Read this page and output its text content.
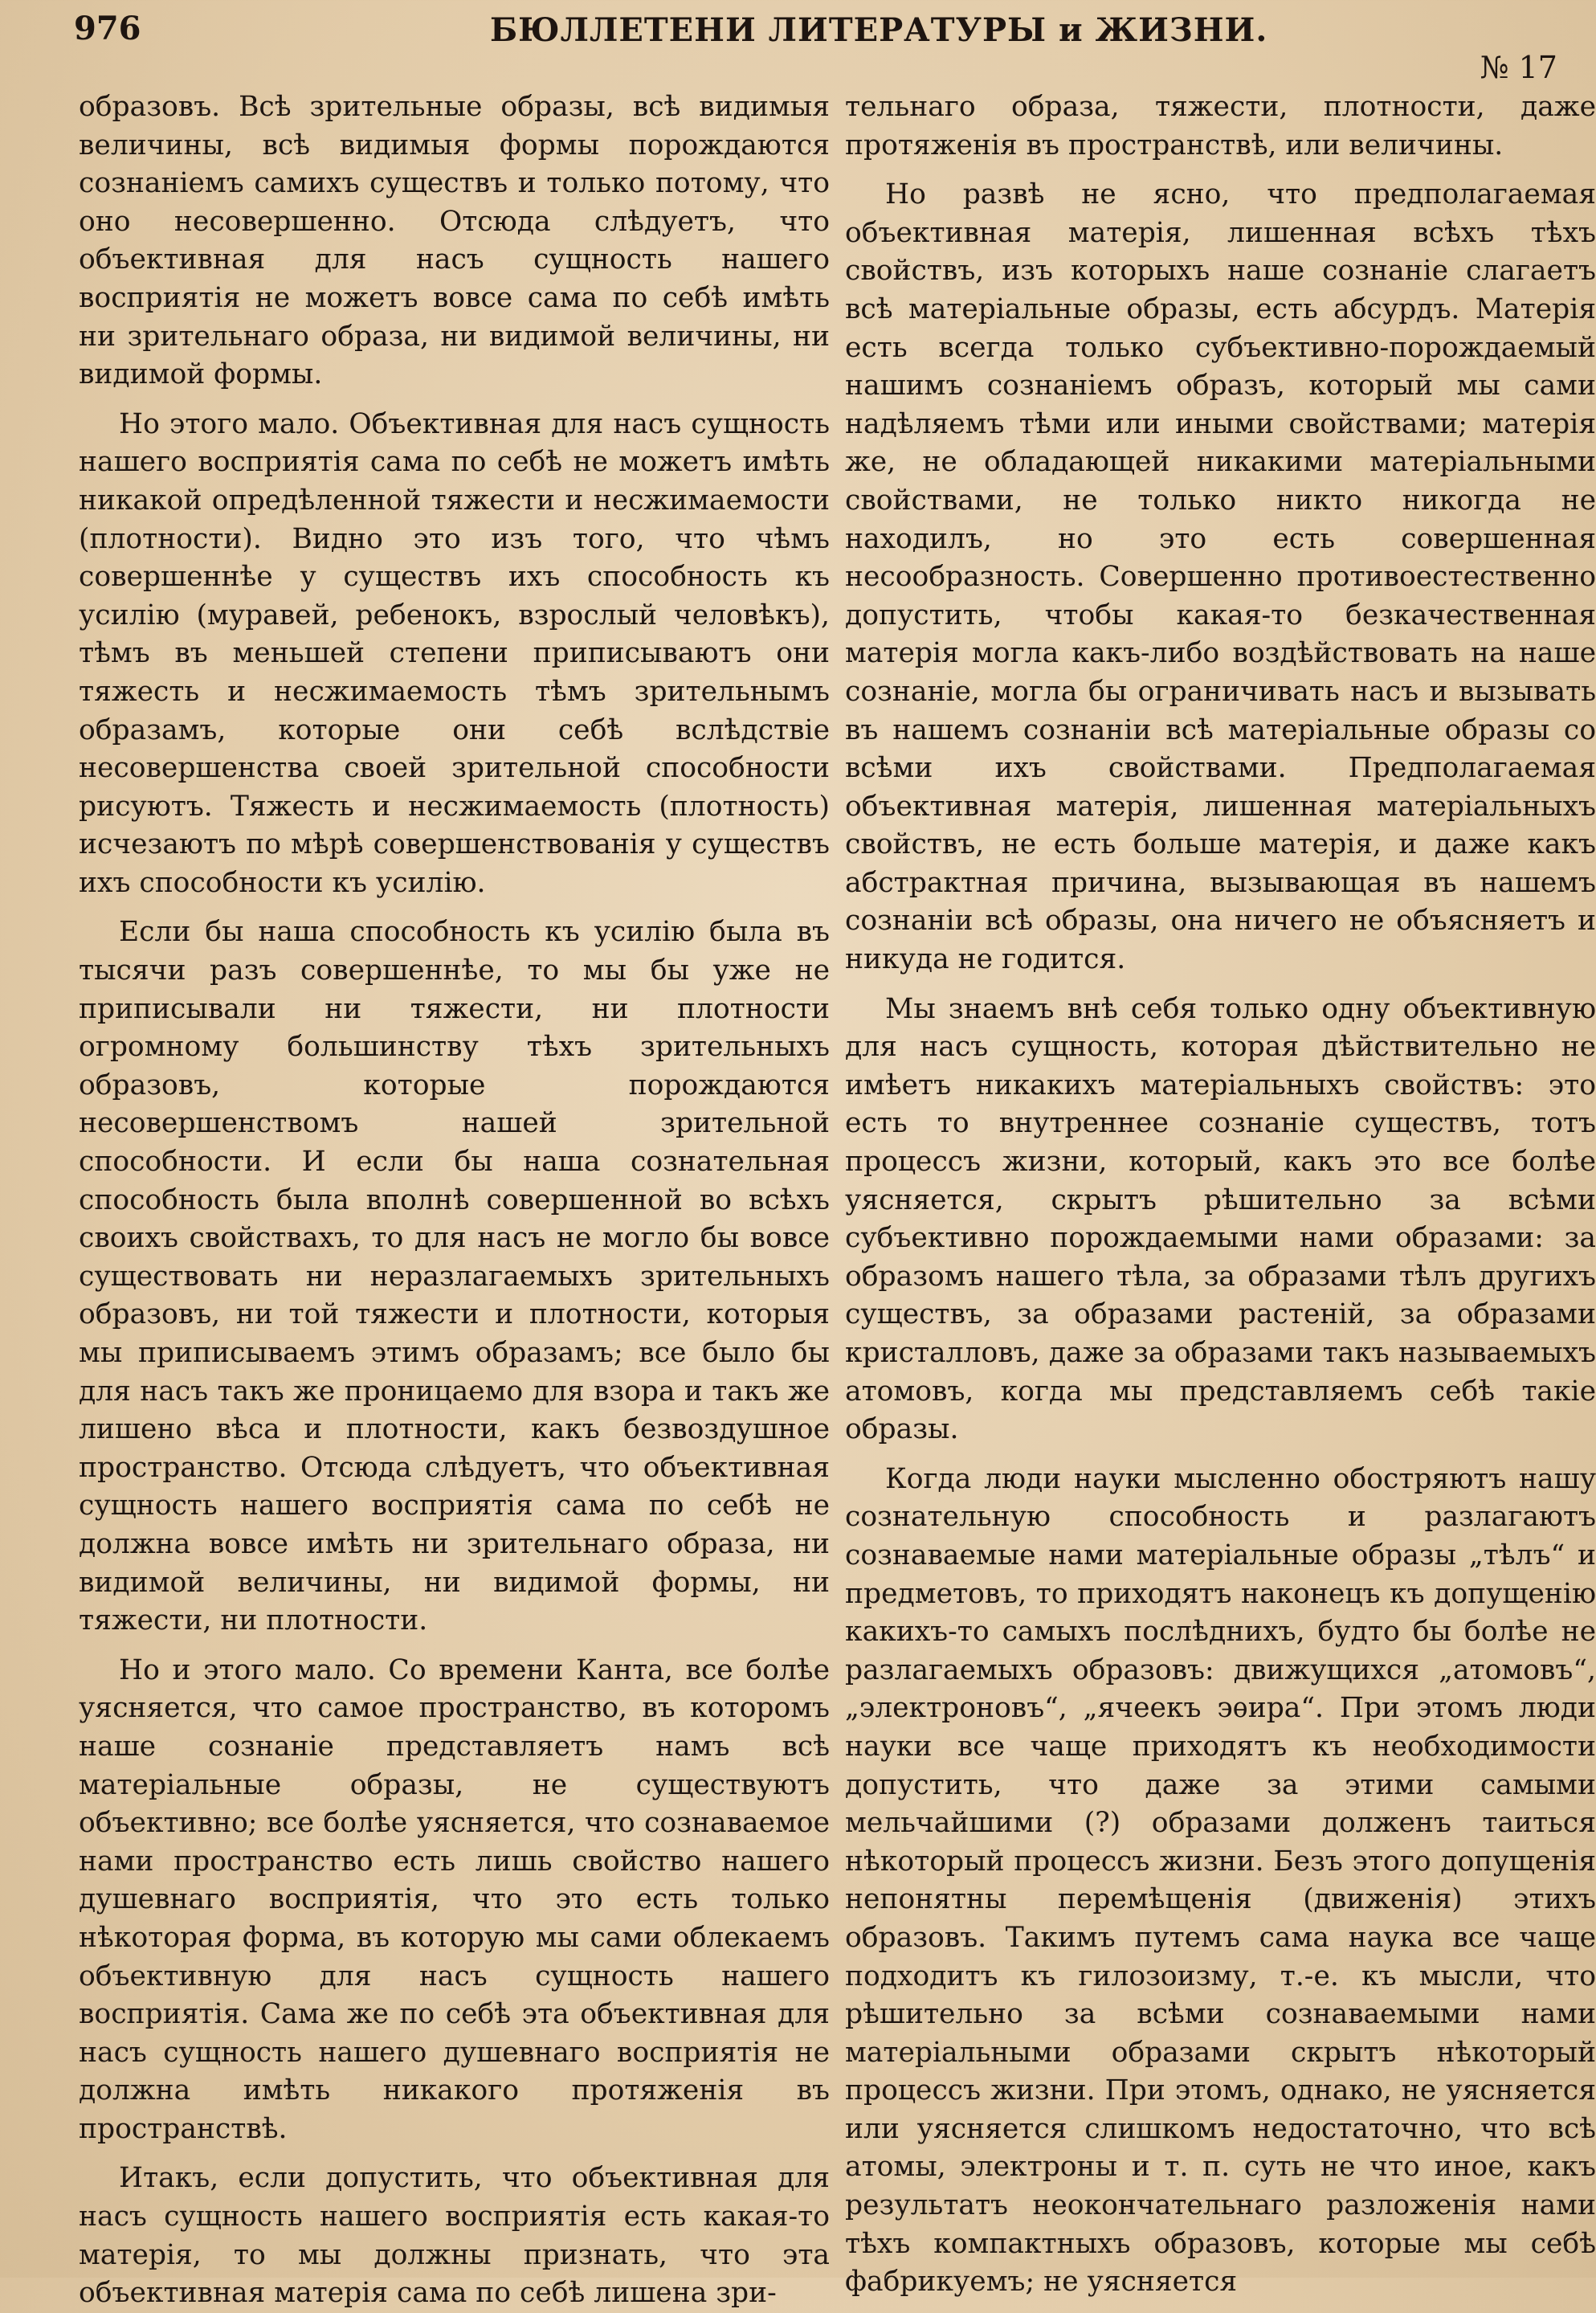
976	БЮЛЛЕТЕНИ ЛИТЕРАТУРЫ и ЖИЗНИ.
№ 17

образовъ. Всѣ зрительные образы, всѣ видимыя величины, всѣ видимыя формы порождаются сознаніемъ самихъ существъ и только потому, что оно несовершенно. Отсюда слѣдуетъ, что объективная для насъ сущность нашего восприятія не можетъ вовсе сама по себѣ имѣть ни зрительнаго образа, ни видимой величины, ни видимой формы.

Но этого мало. Объективная для насъ сущность нашего восприятія сама по себѣ не можетъ имѣть никакой опредѣленной тяжести и несжимаемости (плотности). Видно это изъ того, что чѣмъ совершеннѣе у существъ ихъ способность къ усилію (муравей, ребенокъ, взрослый человѣкъ), тѣмъ въ меньшей степени приписываютъ они тяжесть и несжимаемость тѣмъ зрительнымъ образамъ, которые они себѣ вслѣдствіе несовершенства своей зрительной способности рисуютъ. Тяжесть и несжимаемость (плотность) исчезаютъ по мѣрѣ совершенствованія у существъ ихъ способности къ усилію.

Если бы наша способность къ усилію была въ тысячи разъ совершеннѣе, то мы бы уже не приписывали ни тяжести, ни плотности огромному большинству тѣхъ зрительныхъ образовъ, которые порождаются несовершенствомъ нашей зрительной способности. И если бы наша сознательная способность была вполнѣ совершенной во всѣхъ своихъ свойствахъ, то для насъ не могло бы вовсе существовать ни неразлагаемыхъ зрительныхъ образовъ, ни той тяжести и плотности, которыя мы приписываемъ этимъ образамъ; все было бы для насъ такъ же проницаемо для взора и такъ же лишено вѣса и плотности, какъ безвоздушное пространство. Отсюда слѣдуетъ, что объективная сущность нашего восприятія сама по себѣ не должна вовсе имѣть ни зрительнаго образа, ни видимой величины, ни видимой формы, ни тяжести, ни плотности.

Но и этого мало. Со времени Канта, все болѣе уясняется, что самое пространство, въ которомъ наше сознаніе представляетъ намъ всѣ матеріальные образы, не существуютъ объективно; все болѣе уясняется, что сознаваемое нами пространство есть лишь свойство нашего душевнаго восприятія, что это есть только нѣкоторая форма, въ которую мы сами облекаемъ объективную для насъ сущность нашего восприятія. Сама же по себѣ эта объективная для насъ сущность нашего душевнаго восприятія не должна имѣть никакого протяженія въ пространствѣ.

Итакъ, если допустить, что объективная для насъ сущность нашего восприятія есть какая-то матерія, то мы должны признать, что эта объективная матерія сама по себѣ лишена зри-

тельнаго образа, тяжести, плотности, даже протяженія въ пространствѣ, или величины.

Но развѣ не ясно, что предполагаемая объективная матерія, лишенная всѣхъ тѣхъ свойствъ, изъ которыхъ наше сознаніе слагаетъ всѣ матеріальные образы, есть абсурдъ. Матерія есть всегда только субъективно-порождаемый нашимъ сознаніемъ образъ, который мы сами надѣляемъ тѣми или иными свойствами; матерія же, не обладающей никакими матеріальными свойствами, не только никто никогда не находилъ, но это есть совершенная несообразность. Совершенно противоестественно допустить, чтобы какая-то безкачественная матерія могла какъ-либо воздѣйствовать на наше сознаніе, могла бы ограничивать насъ и вызывать въ нашемъ сознаніи всѣ матеріальные образы со всѣми ихъ свойствами. Предполагаемая объективная матерія, лишенная матеріальныхъ свойствъ, не есть больше матерія, и даже какъ абстрактная причина, вызывающая въ нашемъ сознаніи всѣ образы, она ничего не объясняетъ и никуда не годится.

Мы знаемъ внѣ себя только одну объективную для насъ сущность, которая дѣйствительно не имѣетъ никакихъ матеріальныхъ свойствъ: это есть то внутреннее сознаніе существъ, тотъ процессъ жизни, который, какъ это все болѣе уясняется, скрытъ рѣшительно за всѣми субъективно порождаемыми нами образами: за образомъ нашего тѣла, за образами тѣлъ другихъ существъ, за образами растеній, за образами кристалловъ, даже за образами такъ называемыхъ атомовъ, когда мы представляемъ себѣ такіе образы.

Когда люди науки мысленно обостряютъ нашу сознательную способность и разлагаютъ сознаваемые нами матеріальные образы „тѣлъ“ и предметовъ, то приходятъ наконецъ къ допущенію какихъ-то самыхъ послѣднихъ, будто бы болѣе не разлагаемыхъ образовъ: движущихся „атомовъ“, „электроновъ“, „ячеекъ эѳира“. При этомъ люди науки все чаще приходятъ къ необходимости допустить, что даже за этими самыми мельчайшими (?) образами долженъ таиться нѣкоторый процессъ жизни. Безъ этого допущенія непонятны перемѣщенія (движенія) этихъ образовъ. Такимъ путемъ сама наука все чаще подходитъ къ гилозоизму, т.-е. къ мысли, что рѣшительно за всѣми сознаваемыми нами матеріальными образами скрытъ нѣкоторый процессъ жизни. При этомъ, однако, не уясняется или уясняется слишкомъ недостаточно, что всѣ атомы, электроны и т. п. суть не что иное, какъ результатъ неокончательнаго разложенія нами тѣхъ компактныхъ образовъ, которые мы себѣ фабрикуемъ; не уясняется
